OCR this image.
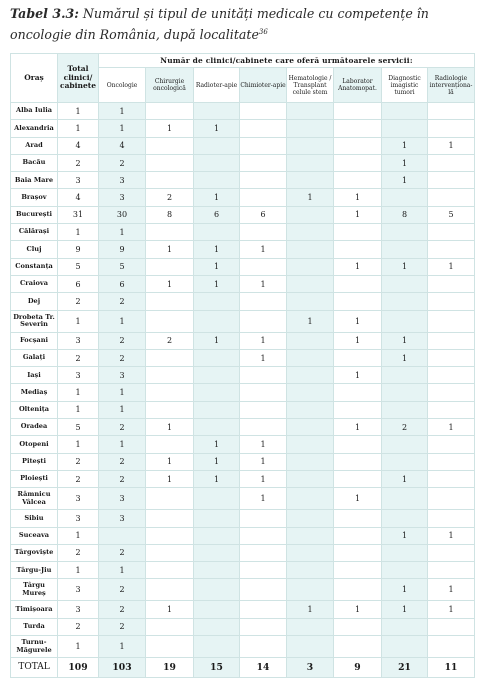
Tabel 3.3: Numărul și tipul de unități medicale cu competențe în oncologie din România, după localitate$^{36}$
Oraș	Total clinici/ cabinete	Număr de clinici/cabinete care oferă următoarele servicii:							
		Oncologie	Chirurgie oncologică	Radioter-apie	Chimioter-apie	Hematologie / Transplant celule stem	Laborator Anatomopat.	Diagnostic imagistic tumori	Radiologie intervenționa-lă
Alba Iulia	1	1							
Alexandria	1	1	1	1					
Arad	4	4						1	1
Bacău	2	2						1	
Baia Mare	3	3						1	
Brașov	4	3	2	1		1	1		
București	31	30	8	6	6		1	8	5
Călărași	1	1							
Cluj	9	9	1	1	1				
Constanța	5	5		1			1	1	1
Craiova	6	6	1	1	1				
Dej	2	2							
Drobeta Tr. Severin	1	1				1	1		
Focșani	3	2	2	1	1		1	1	
Galați	2	2			1			1	
Iași	3	3					1		
Mediaș	1	1							
Oltenița	1	1							
Oradea	5	2	1				1	2	1
Otopeni	1	1		1	1				
Pitești	2	2	1	1	1				
Ploiești	2	2	1	1	1			1	
Râmnicu Vâlcea	3	3			1		1		
Sibiu	3	3							
Suceava	1							1	1
Târgoviște	2	2							
Târgu-Jiu	1	1							
Târgu Mureș	3	2						1	1
Timișoara	3	2	1			1	1	1	1
Turda	2	2							
Turnu-Măgurele	1	1							
TOTAL	109	103	19	15	14	3	9	21	11
